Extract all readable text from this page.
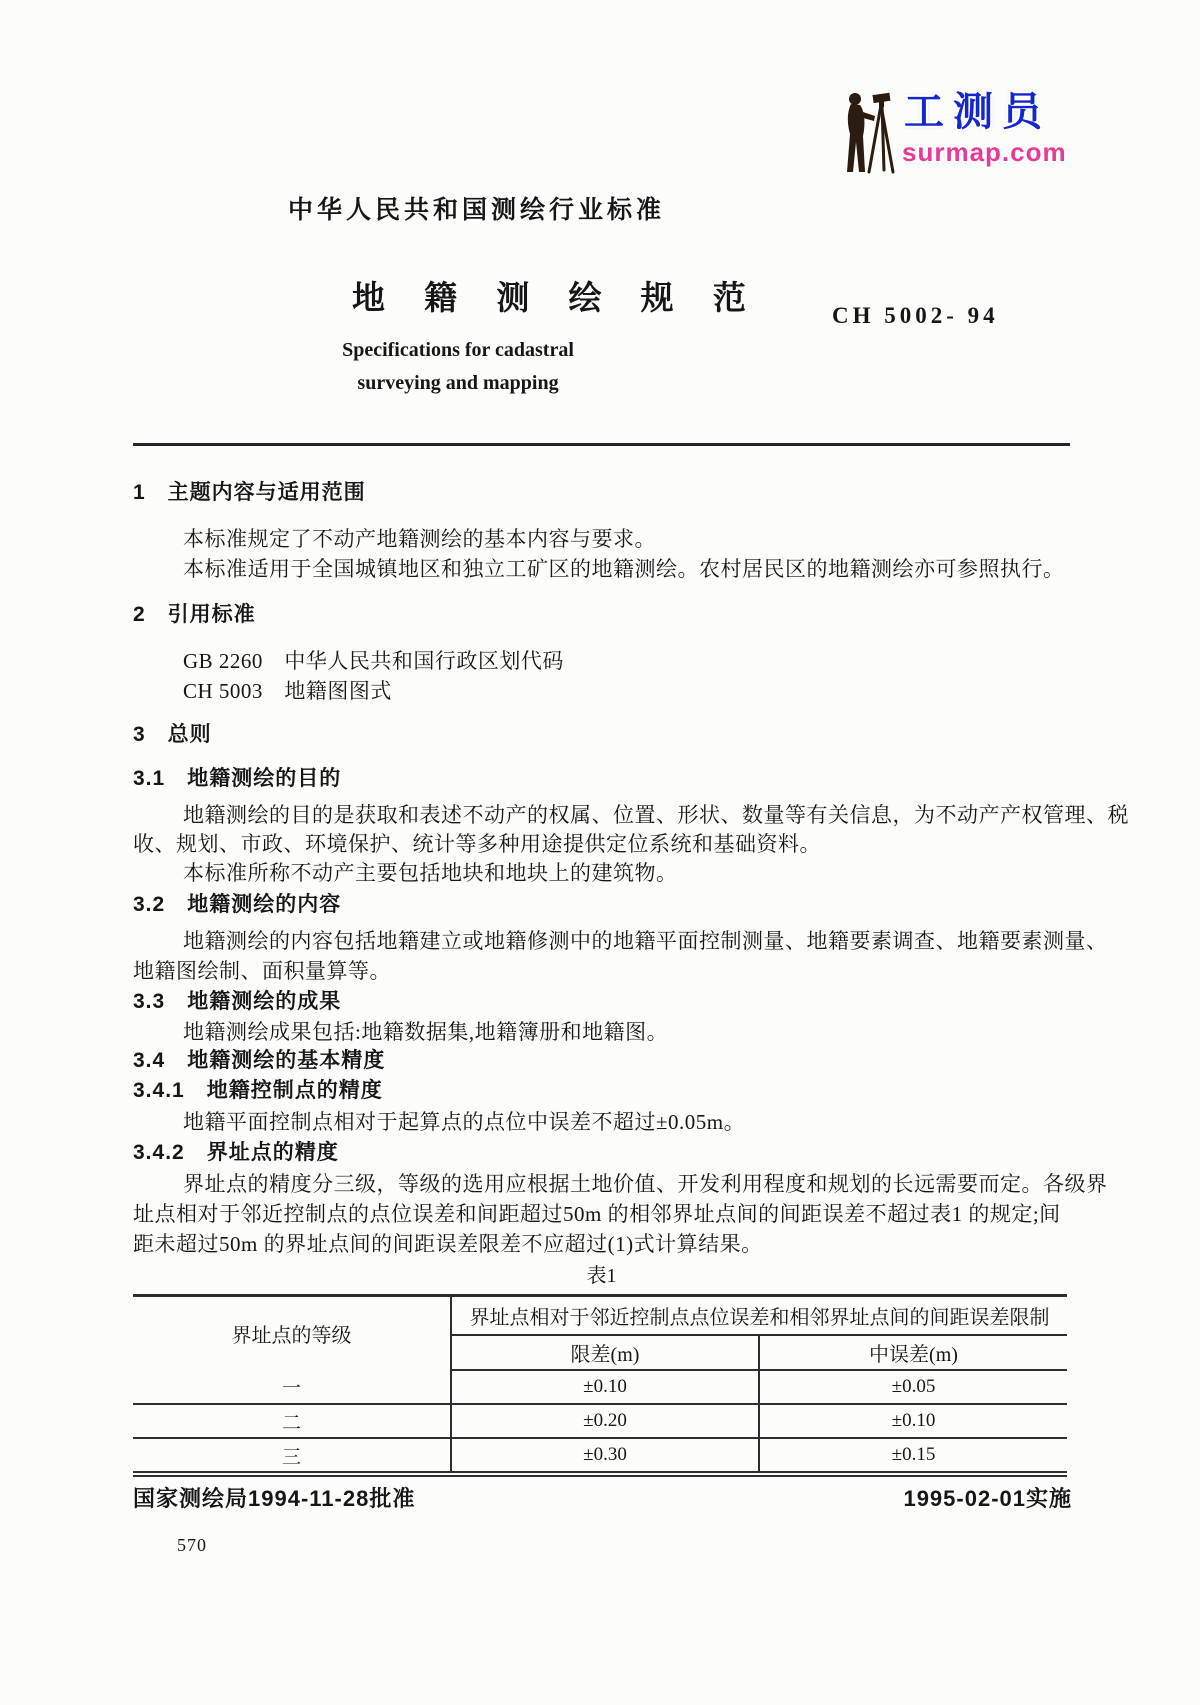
工测员
surmap.com
中华人民共和国测绘行业标准
地 籍 测 绘 规 范	CH 5002- 94
Specifications for cadastral
surveying and mapping
1　主题内容与适用范围
本标准规定了不动产地籍测绘的基本内容与要求。
本标准适用于全国城镇地区和独立工矿区的地籍测绘。农村居民区的地籍测绘亦可参照执行。
2　引用标准
GB 2260　中华人民共和国行政区划代码
CH 5003　地籍图图式
3　总则
3.1　地籍测绘的目的
地籍测绘的目的是获取和表述不动产的权属、位置、形状、数量等有关信息，为不动产产权管理、税
收、规划、市政、环境保护、统计等多种用途提供定位系统和基础资料。
本标准所称不动产主要包括地块和地块上的建筑物。
3.2　地籍测绘的内容
地籍测绘的内容包括地籍建立或地籍修测中的地籍平面控制测量、地籍要素调查、地籍要素测量、
地籍图绘制、面积量算等。
3.3　地籍测绘的成果
地籍测绘成果包括:地籍数据集,地籍簿册和地籍图。
3.4　地籍测绘的基本精度
3.4.1　地籍控制点的精度
地籍平面控制点相对于起算点的点位中误差不超过±0.05m。
3.4.2　界址点的精度
界址点的精度分三级，等级的选用应根据土地价值、开发利用程度和规划的长远需要而定。各级界
址点相对于邻近控制点的点位误差和间距超过50m 的相邻界址点间的间距误差不超过表1 的规定;间
距未超过50m 的界址点间的间距误差限差不应超过(1)式计算结果。
表1
界址点的等级	界址点相对于邻近控制点点位误差和相邻界址点间的间距误差限制	
	限差(m)	中误差(m)
一	±0.10	±0.05
二	±0.20	±0.10
三	±0.30	±0.15
国家测绘局1994-11-28批准	1995-02-01实施
570
